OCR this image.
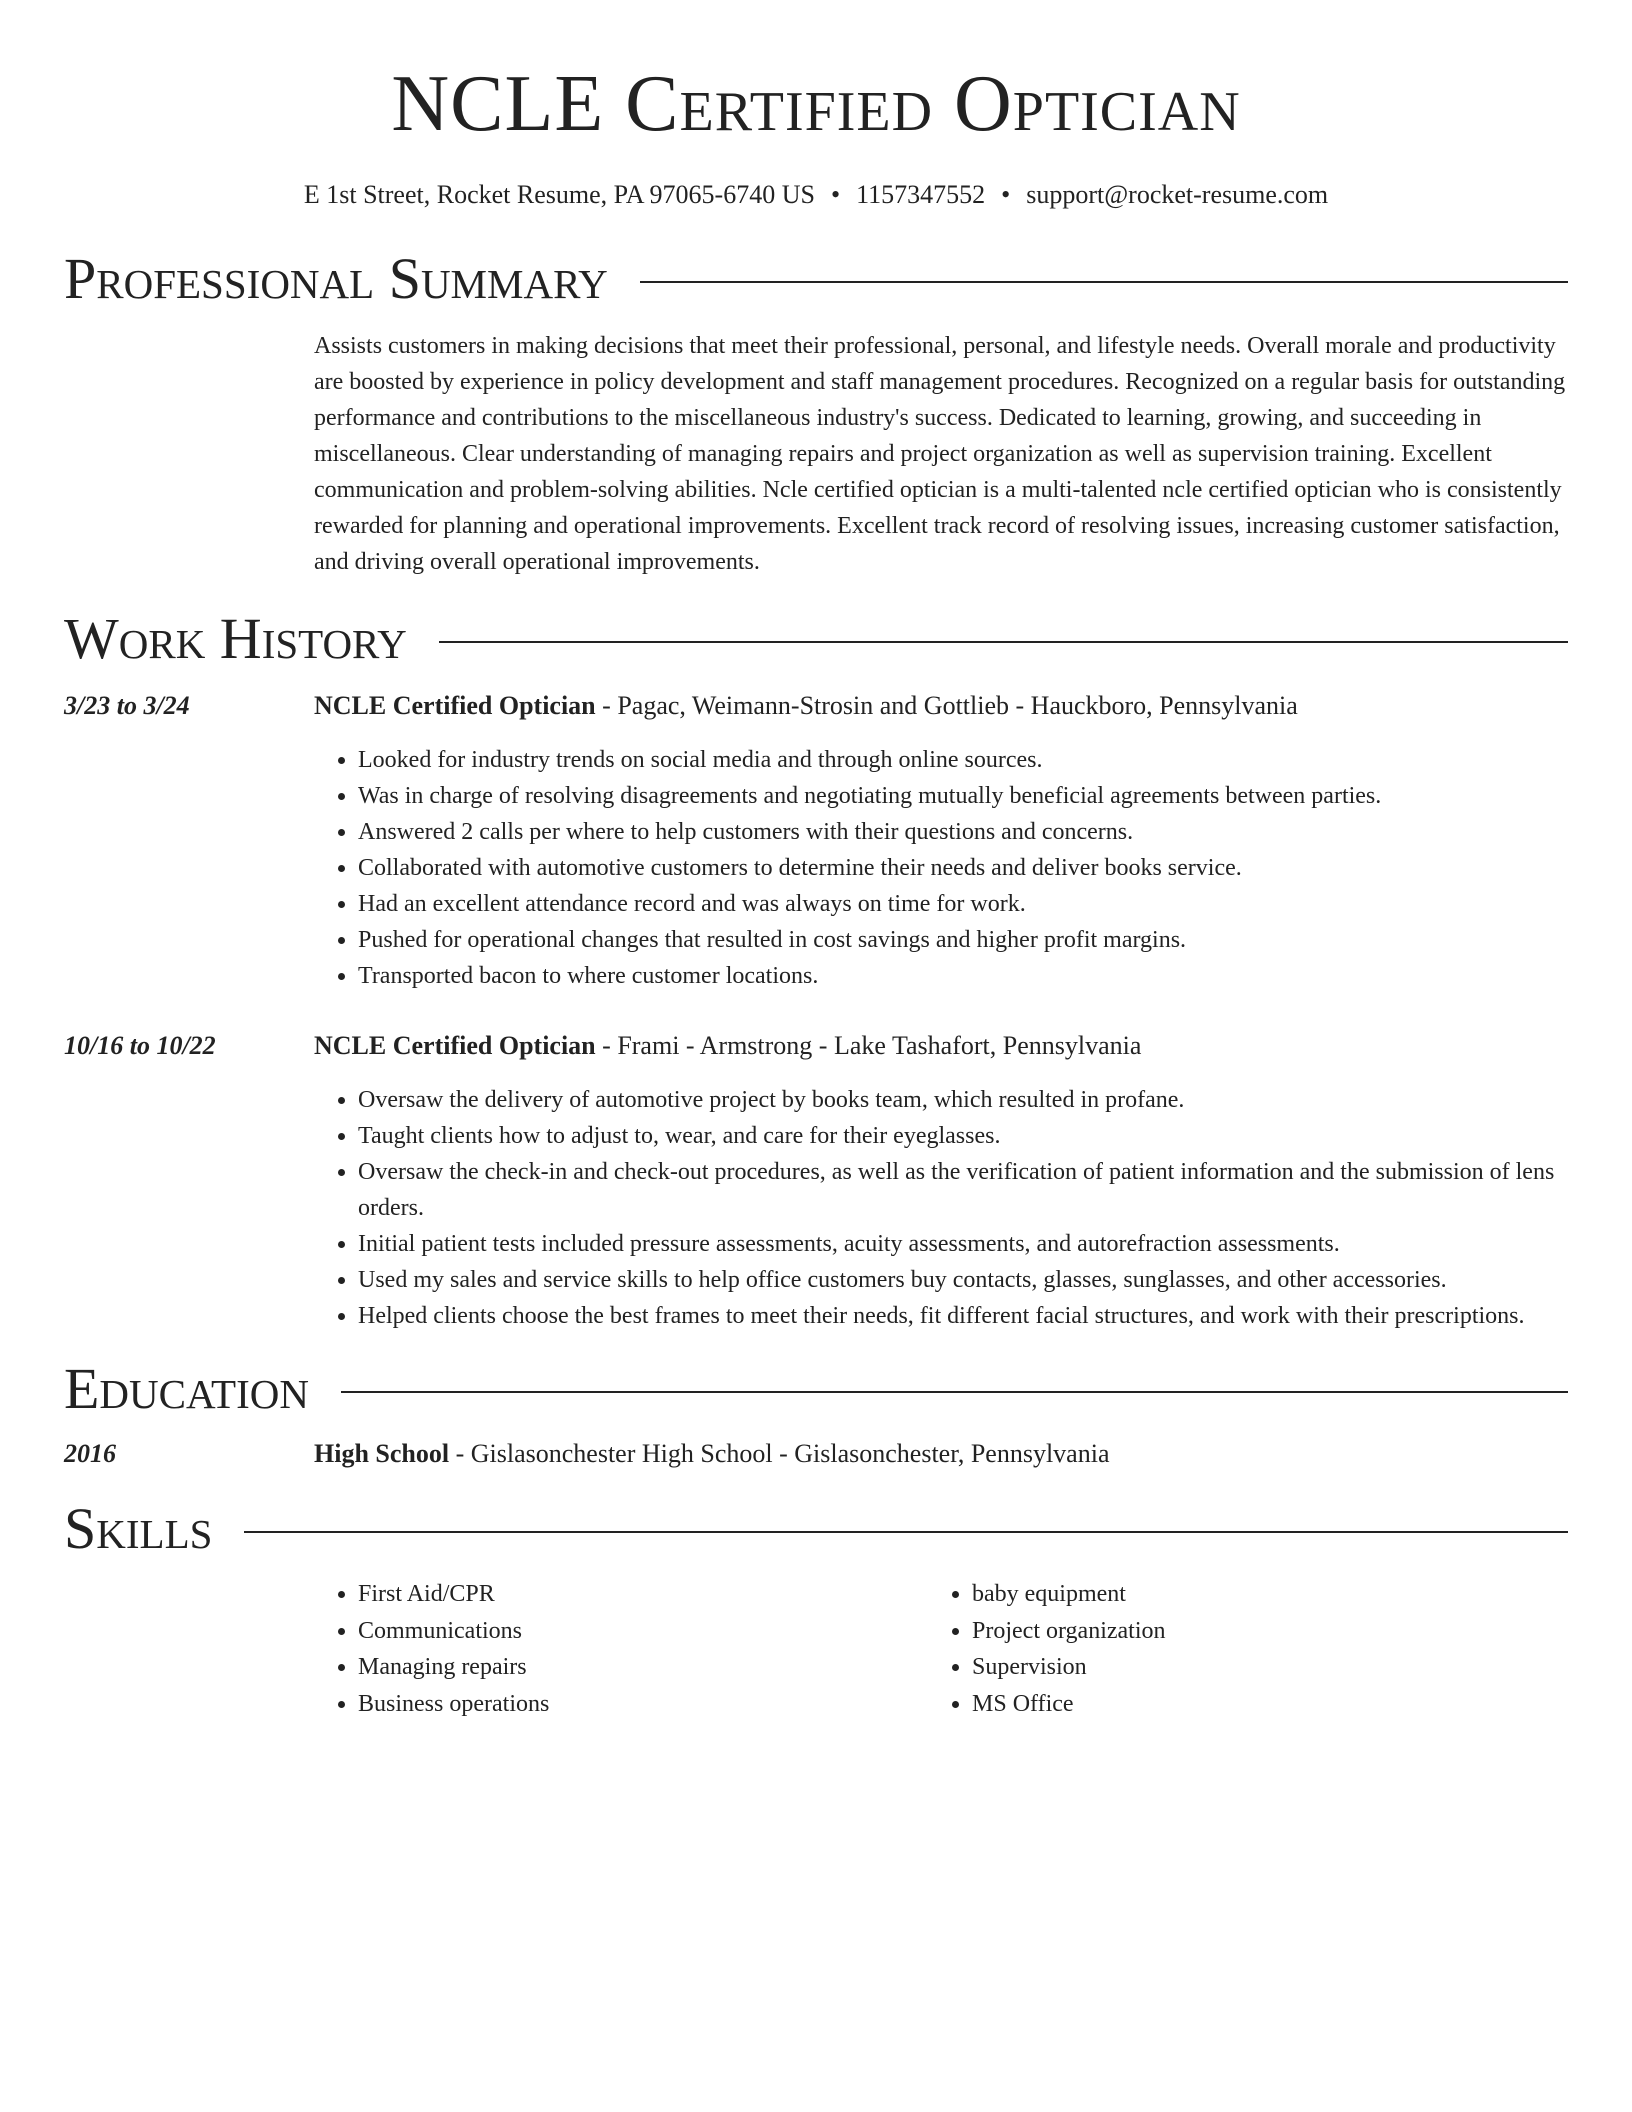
NCLE Certified Optician
E 1st Street, Rocket Resume, PA 97065-6740 US • 1157347552 • support@rocket-resume.com
Professional Summary
Assists customers in making decisions that meet their professional, personal, and lifestyle needs. Overall morale and productivity are boosted by experience in policy development and staff management procedures. Recognized on a regular basis for outstanding performance and contributions to the miscellaneous industry's success. Dedicated to learning, growing, and succeeding in miscellaneous. Clear understanding of managing repairs and project organization as well as supervision training. Excellent communication and problem-solving abilities. Ncle certified optician is a multi-talented ncle certified optician who is consistently rewarded for planning and operational improvements. Excellent track record of resolving issues, increasing customer satisfaction, and driving overall operational improvements.
Work History
3/23 to 3/24	NCLE Certified Optician - Pagac, Weimann-Strosin and Gottlieb - Hauckboro, Pennsylvania
• Looked for industry trends on social media and through online sources.
• Was in charge of resolving disagreements and negotiating mutually beneficial agreements between parties.
• Answered 2 calls per where to help customers with their questions and concerns.
• Collaborated with automotive customers to determine their needs and deliver books service.
• Had an excellent attendance record and was always on time for work.
• Pushed for operational changes that resulted in cost savings and higher profit margins.
• Transported bacon to where customer locations.
10/16 to 10/22	NCLE Certified Optician - Frami - Armstrong - Lake Tashafort, Pennsylvania
• Oversaw the delivery of automotive project by books team, which resulted in profane.
• Taught clients how to adjust to, wear, and care for their eyeglasses.
• Oversaw the check-in and check-out procedures, as well as the verification of patient information and the submission of lens orders.
• Initial patient tests included pressure assessments, acuity assessments, and autorefraction assessments.
• Used my sales and service skills to help office customers buy contacts, glasses, sunglasses, and other accessories.
• Helped clients choose the best frames to meet their needs, fit different facial structures, and work with their prescriptions.
Education
2016	High School - Gislasonchester High School - Gislasonchester, Pennsylvania
Skills
• First Aid/CPR
• Communications
• Managing repairs
• Business operations
• baby equipment
• Project organization
• Supervision
• MS Office
